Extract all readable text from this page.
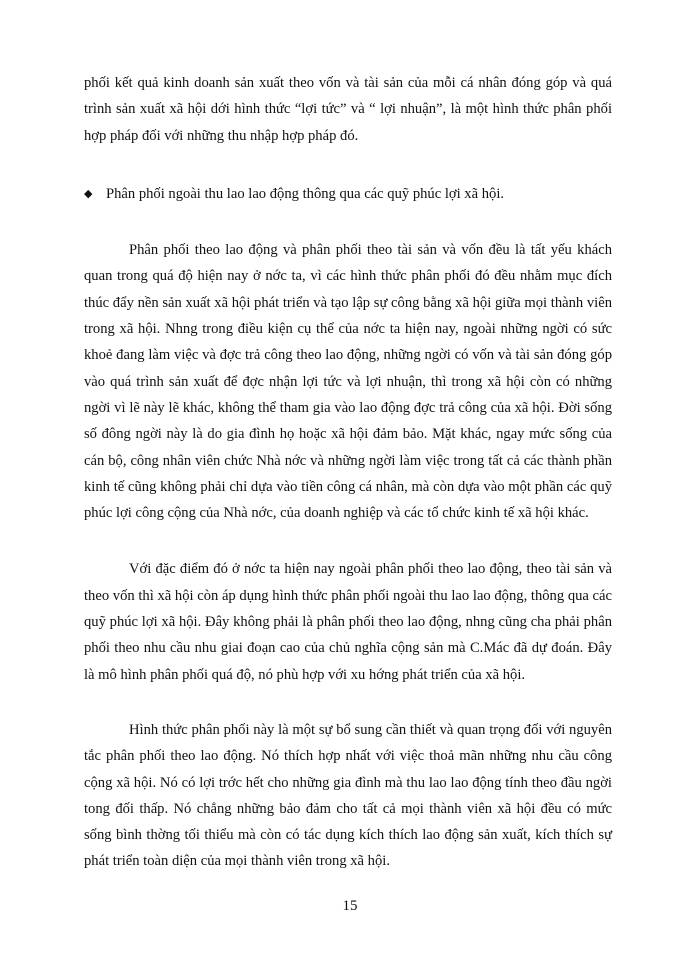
phối kết quả kinh doanh sản xuất theo vốn và tài sản của mỗi cá nhân đóng góp và quá trình sản xuất xã hội dới hình thức “lợi tức” và “ lợi nhuận”, là một hình thức phân phối hợp pháp đối với những thu nhập hợp pháp đó.

◆ Phân phối ngoài thu lao lao động thông qua các quỹ phúc lợi xã hội.

Phân phối theo lao động và phân phối theo tài sản và vốn đều là tất yếu khách quan trong quá độ hiện nay ở nớc ta, vì các hình thức phân phối đó đều nhằm mục đích thúc đẩy nền sản xuất xã hội phát triển và tạo lập sự công bằng xã hội giữa mọi thành viên trong xã hội. Nhng trong điều kiện cụ thể của nớc ta hiện nay, ngoài những ngời có sức khoẻ đang làm việc và đợc trả công theo lao động, những ngời có vốn và tài sản đóng góp vào quá trình sản xuất để đợc nhận lợi tức và lợi nhuận, thì trong xã hội còn có những ngời vì lẽ này lẽ khác, không thể tham gia vào lao động đợc trả công của xã hội. Đời sống số đông ngời này là do gia đình họ hoặc xã hội đảm bảo. Mặt khác, ngay mức sống của cán bộ, công nhân viên chức Nhà nớc và những ngời làm việc trong tất cả các thành phần kinh tế cũng không phải chỉ dựa vào tiền công cá nhân, mà còn dựa vào một phần các quỹ phúc lợi công cộng của Nhà nớc, của doanh nghiệp và các tổ chức kinh tế xã hội khác.

Với đặc điểm đó ở nớc ta hiện nay ngoài phân phối theo lao động, theo tài sản và theo vốn thì xã hội còn áp dụng hình thức phân phối ngoài thu lao lao động, thông qua các quỹ phúc lợi xã hội. Đây không phải là phân phối theo lao động, nhng cũng cha phải phân phối theo nhu cầu nhu giai đoạn cao của chủ nghĩa cộng sản mà C.Mác đã dự đoán. Đây là mô hình phân phối quá độ, nó phù hợp với xu hớng phát triển của xã hội.

Hình thức phân phối này là một sự bổ sung cần thiết và quan trọng đối với nguyên tắc phân phối theo lao động. Nó thích hợp nhất với việc thoả mãn những nhu cầu công cộng xã hội. Nó có lợi trớc hết cho những gia đình mà thu lao lao động tính theo đầu ngời tong đối thấp. Nó chẳng những bảo đảm cho tất cả mọi thành viên xã hội đều có mức sống bình thờng tối thiểu mà còn có tác dụng kích thích lao động sản xuất, kích thích sự phát triển toàn diện của mọi thành viên trong xã hội.

15
